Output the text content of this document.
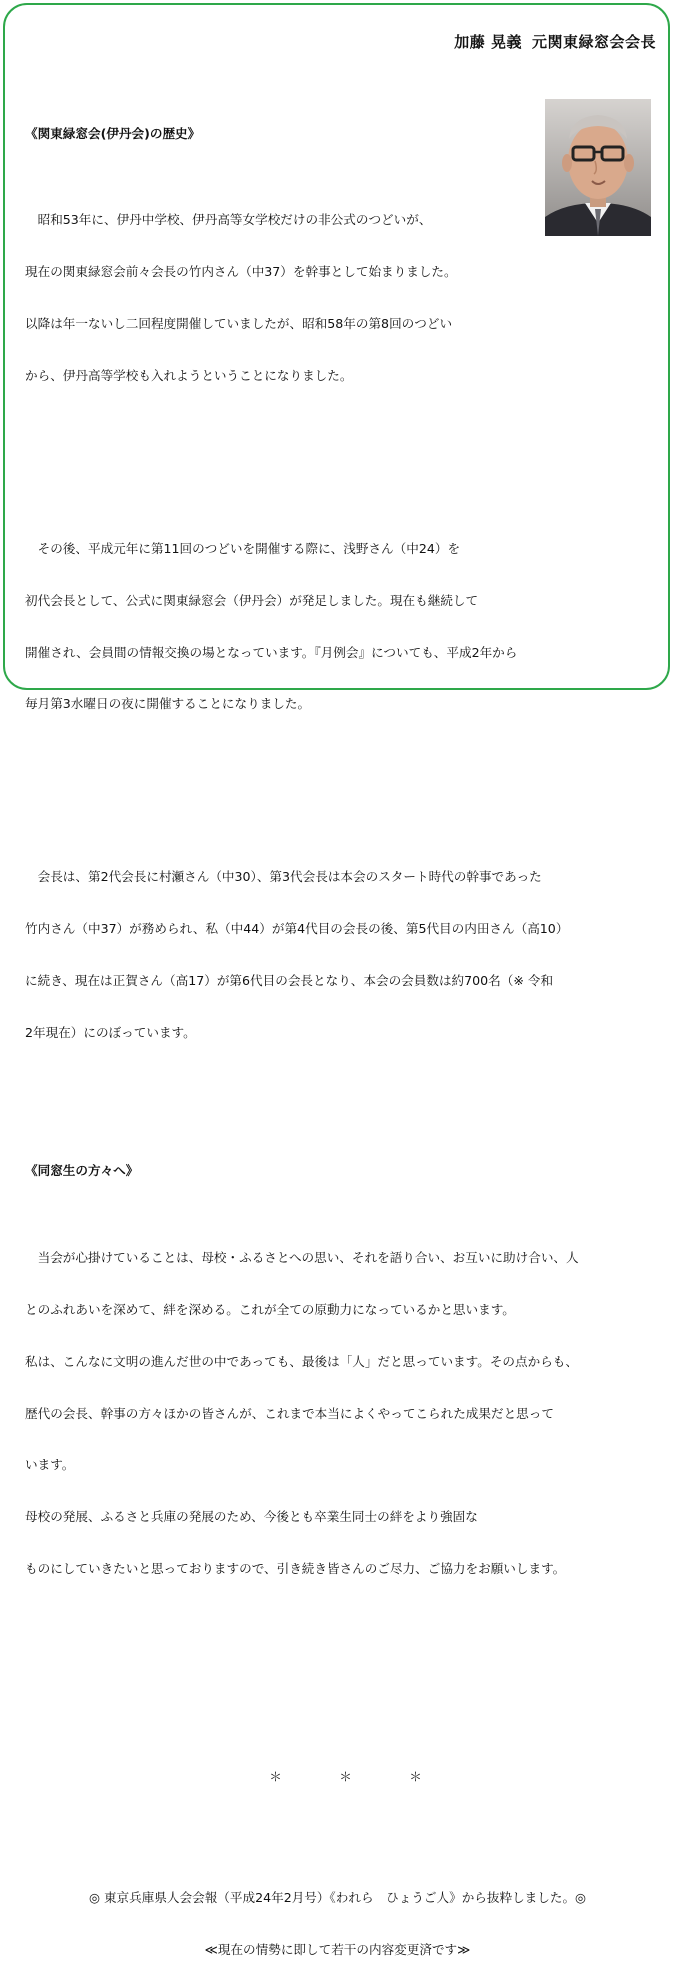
加藤 晃義 元関東緑窓会会長

《関東緑窓会(伊丹会)の歴史》

　昭和53年に、伊丹中学校、伊丹高等女学校だけの非公式のつどいが、

現在の関東緑窓会前々会長の竹内さん（中37）を幹事として始まりました。

以降は年一ないし二回程度開催していましたが、昭和58年の第8回のつどい

から、伊丹高等学校も入れようということになりました。

　その後、平成元年に第11回のつどいを開催する際に、浅野さん（中24）を

初代会長として、公式に関東緑窓会（伊丹会）が発足しました。現在も継続して

開催され、会員間の情報交換の場となっています。『月例会』についても、平成2年から

毎月第3水曜日の夜に開催することになりました。

　会長は、第2代会長に村瀬さん（中30）、第3代会長は本会のスタート時代の幹事であった

竹内さん（中37）が務められ、私（中44）が第4代目の会長の後、第5代目の内田さん（高10）

に続き、現在は正賀さん（高17）が第6代目の会長となり、本会の会員数は約700名（※ 令和

2年現在）にのぼっています。

《同窓生の方々へ》

　当会が心掛けていることは、母校・ふるさとへの思い、それを語り合い、お互いに助け合い、人

とのふれあいを深めて、絆を深める。これが全ての原動力になっているかと思います。

私は、こんなに文明の進んだ世の中であっても、最後は「人」だと思っています。その点からも、

歴代の会長、幹事の方々ほかの皆さんが、これまで本当によくやってこられた成果だと思って

います。

母校の発展、ふるさと兵庫の発展のため、今後とも卒業生同士の絆をより強固な

ものにしていきたいと思っておりますので、引き続き皆さんのご尽力、ご協力をお願いします。

＊	＊	＊

◎ 東京兵庫県人会会報（平成24年2月号）《われら　ひょうご人》から抜粋しました。◎

≪現在の情勢に即して若干の内容変更済です≫
